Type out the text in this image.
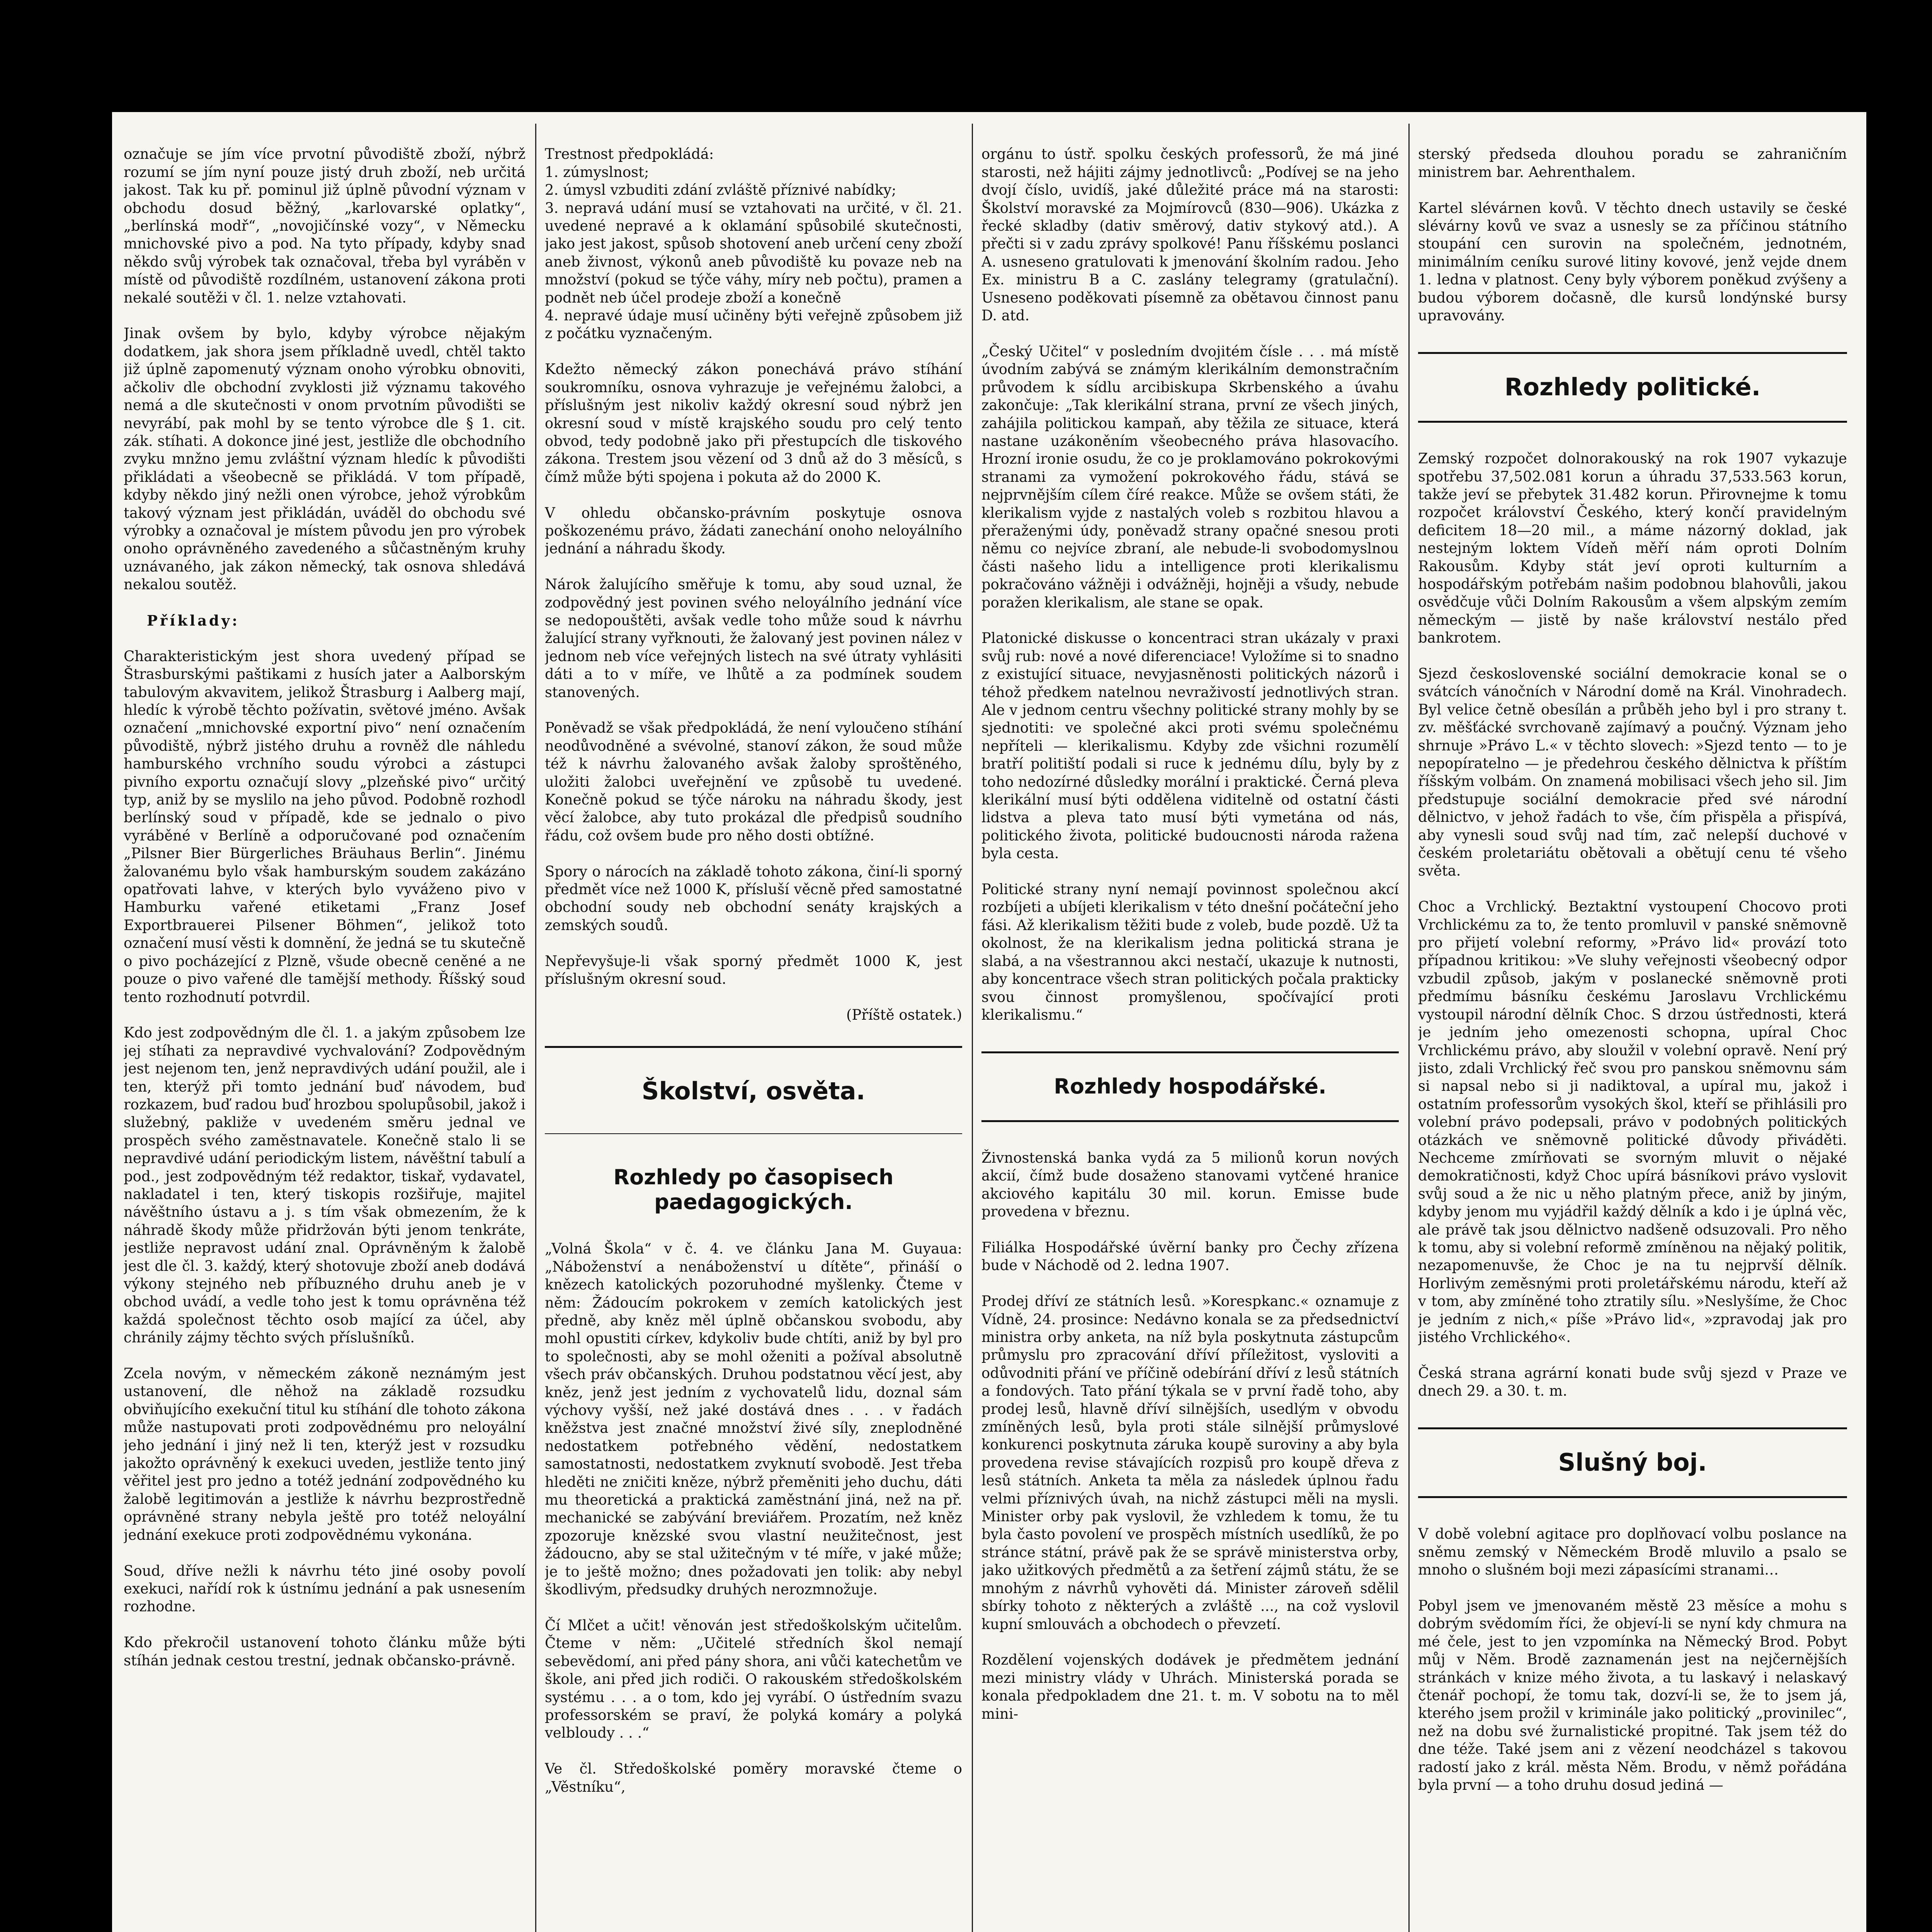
označuje se jím více prvotní původiště zboží, nýbrž rozumí se jím nyní pouze jistý druh zboží, neb určitá jakost. Tak ku př. pominul již úplně původní význam v obchodu dosud běžný, „karlovarské oplatky“, „berlínská modř“, „novojičínské vozy“, v Německu mnichovské pivo a pod. Na tyto případy, kdyby snad někdo svůj výrobek tak označoval, třeba byl vyráběn v místě od původiště rozdílném, ustanovení zákona proti nekalé soutěži v čl. 1. nelze vztahovati.

Jinak ovšem by bylo, kdyby výrobce nějakým dodatkem, jak shora jsem příkladně uvedl, chtěl takto již úplně zapomenutý význam onoho výrobku obnoviti, ačkoliv dle obchodní zvyklosti již významu takového nemá a dle skutečnosti v onom prvotním původišti se nevyrábí, pak mohl by se tento výrobce dle § 1. cit. zák. stíhati. A dokonce jiné jest, jestliže dle obchodního zvyku mnžno jemu zvláštní význam hledíc k původišti přikládati a všeobecně se přikládá. V tom případě, kdyby někdo jiný nežli onen výrobce, jehož výrobkům takový význam jest přikládán, uváděl do obchodu své výrobky a označoval je místem původu jen pro výrobek onoho oprávněného zavedeného a sůčastněným kruhy uznávaného, jak zákon německý, tak osnova shledává nekalou soutěž.

Příklady:

Charakteristickým jest shora uvedený případ se Štrasburskými paštikami z husích jater a Aalborským tabulovým akvavitem, jelikož Štrasburg i Aalberg mají, hledíc k výrobě těchto požívatin, světové jméno. Avšak označení „mnichovské exportní pivo“ není označením původiště, nýbrž jistého druhu a rovněž dle náhledu hamburského vrchního soudu výrobci a zástupci pivního exportu označují slovy „plzeňské pivo“ určitý typ, aniž by se myslilo na jeho původ. Podobně rozhodl berlínský soud v případě, kde se jednalo o pivo vyráběné v Berlíně a odporučované pod označením „Pilsner Bier Bürgerliches Bräuhaus Berlin“. Jinému žalovanému bylo však hamburským soudem zakázáno opatřovati lahve, v kterých bylo vyváženo pivo v Hamburku vařené etiketami „Franz Josef Exportbrauerei Pilsener Böhmen“, jelikož toto označení musí věsti k domnění, že jedná se tu skutečně o pivo pocházející z Plzně, všude obecně ceněné a ne pouze o pivo vařené dle tamější methody. Říšský soud tento rozhodnutí potvrdil.

Kdo jest zodpovědným dle čl. 1. a jakým způsobem lze jej stíhati za nepravdivé vychvalování? Zodpovědným jest nejenom ten, jenž nepravdivých udání použil, ale i ten, kterýž při tomto jednání buď návodem, buď rozkazem, buď radou buď hrozbou spolupůsobil, jakož i služebný, pakliže v uvedeném směru jednal ve prospěch svého zaměstnavatele. Konečně stalo li se nepravdivé udání periodickým listem, návěštní tabulí a pod., jest zodpovědným též redaktor, tiskař, vydavatel, nakladatel i ten, který tiskopis rozšiřuje, majitel návěštního ústavu a j. s tím však obmezením, že k náhradě škody může přidržován býti jenom tenkráte, jestliže nepravost udání znal. Oprávněným k žalobě jest dle čl. 3. každý, který shotovuje zboží aneb dodává výkony stejného neb příbuzného druhu aneb je v obchod uvádí, a vedle toho jest k tomu oprávněna též každá společnost těchto osob mající za účel, aby chránily zájmy těchto svých příslušníků.

Zcela novým, v německém zákoně neznámým jest ustanovení, dle něhož na základě rozsudku obviňujícího exekuční titul ku stíhání dle tohoto zákona může nastupovati proti zodpovědnému pro neloyální jeho jednání i jiný než li ten, kterýž jest v rozsudku jakožto oprávněný k exekuci uveden, jestliže tento jiný věřitel jest pro jedno a totéž jednání zodpovědného ku žalobě legitimován a jestliže k návrhu bezprostředně oprávněné strany nebyla ještě pro totéž neloyální jednání exekuce proti zodpovědnému vykonána.

Soud, dříve nežli k návrhu této jiné osoby povolí exekuci, nařídí rok k ústnímu jednání a pak usnesením rozhodne.

Kdo překročil ustanovení tohoto článku může býti stíhán jednak cestou trestní, jednak občansko-právně.

Trestnost předpokládá:
1. zúmyslnost;
2. úmysl vzbuditi zdání zvláště příznivé nabídky;
3. nepravá udání musí se vztahovati na určité, v čl. 21. uvedené nepravé a k oklamání spůsobilé skutečnosti, jako jest jakost, spůsob shotovení aneb určení ceny zboží aneb živnost, výkonů aneb původiště ku povaze neb na množství (pokud se týče váhy, míry neb počtu), pramen a podnět neb účel prodeje zboží a konečně
4. nepravé údaje musí učiněny býti veřejně způsobem již z počátku vyznačeným.

Kdežto německý zákon ponechává právo stíhání soukromníku, osnova vyhrazuje je veřejnému žalobci, a příslušným jest nikoliv každý okresní soud nýbrž jen okresní soud v místě krajského soudu pro celý tento obvod, tedy podobně jako při přestupcích dle tiskového zákona. Trestem jsou vězení od 3 dnů až do 3 měsíců, s čímž může býti spojena i pokuta až do 2000 K.

V ohledu občansko-právním poskytuje osnova poškozenému právo, žádati zanechání onoho neloyálního jednání a náhradu škody.

Nárok žalujícího směřuje k tomu, aby soud uznal, že zodpovědný jest povinen svého neloyálního jednání více se nedopouštěti, avšak vedle toho může soud k návrhu žalující strany vyřknouti, že žalovaný jest povinen nález v jednom neb více veřejných listech na své útraty vyhlásiti dáti a to v míře, ve lhůtě a za podmínek soudem stanovených.

Poněvadž se však předpokládá, že není vyloučeno stíhání neodůvodněné a svévolné, stanoví zákon, že soud může též k návrhu žalovaného avšak žaloby sproštěného, uložiti žalobci uveřejnění ve způsobě tu uvedené. Konečně pokud se týče nároku na náhradu škody, jest věcí žalobce, aby tuto prokázal dle předpisů soudního řádu, což ovšem bude pro něho dosti obtížné.

Spory o nárocích na základě tohoto zákona, činí-li sporný předmět více než 1000 K, přísluší věcně před samostatné obchodní soudy neb obchodní senáty krajských a zemských soudů.

Nepřevyšuje-li však sporný předmět 1000 K, jest příslušným okresní soud.

(Příště ostatek.)

Školství, osvěta.

Rozhledy po časopisech paedagogických.

„Volná Škola“ v č. 4. ve článku Jana M. Guyaua: „Náboženství a nenáboženství u dítěte“, přináší o knězech katolických pozoruhodné myšlenky. Čteme v něm: Žádoucím pokrokem v zemích katolických jest předně, aby kněz měl úplně občanskou svobodu, aby mohl opustiti církev, kdykoliv bude chtíti, aniž by byl pro to společnosti, aby se mohl oženiti a požíval absolutně všech práv občanských. Druhou podstatnou věcí jest, aby kněz, jenž jest jedním z vychovatelů lidu, doznal sám výchovy vyšší, než jaké dostává dnes . . . v řadách kněžstva jest značné množství živé síly, zneplodněné nedostatkem potřebného vědění, nedostatkem samostatnosti, nedostatkem zvyknutí svobodě. Jest třeba hleděti ne zničiti kněze, nýbrž přeměniti jeho duchu, dáti mu theoretická a praktická zaměstnání jiná, než na př. mechanické se zabývání breviářem. Prozatím, než kněz zpozoruje knězské svou vlastní neužitečnost, jest žádoucno, aby se stal užitečným v té míře, v jaké může; je to ještě možno; dnes požadovati jen tolik: aby nebyl škodlivým, předsudky druhých nerozmnožuje.

Čí Mlčet a učit! věnován jest středoškolským učitelům. Čteme v něm: „Učitelé středních škol nemají sebevědomí, ani před pány shora, ani vůči katechetům ve škole, ani před jich rodiči. O rakouském středoškolském systému . . . a o tom, kdo jej vyrábí. O ústředním svazu professorském se praví, že polyká komáry a polyká velbloudy . . .“

Ve čl. Středoškolské poměry moravské čteme o „Věstníku“,

orgánu to ústř. spolku českých professorů, že má jiné starosti, než hájiti zájmy jednotlivců: „Podívej se na jeho dvojí číslo, uvidíš, jaké důležité práce má na starosti: Školství moravské za Mojmírovců (830—906). Ukázka z řecké skladby (dativ směrový, dativ stykový atd.). A přečti si v zadu zprávy spolkové! Panu říšskému poslanci A. usneseno gratulovati k jmenování školním radou. Jeho Ex. ministru B a C. zaslány telegramy (gratulační). Usneseno poděkovati písemně za obětavou činnost panu D. atd.

„Český Učitel“ v posledním dvojitém čísle . . . má místě úvodním zabývá se známým klerikálním demonstračním průvodem k sídlu arcibiskupa Skrbenského a úvahu zakončuje: „Tak klerikální strana, první ze všech jiných, zahájila politickou kampaň, aby těžila ze situace, která nastane uzákoněním všeobecného práva hlasovacího. Hrozní ironie osudu, že co je proklamováno pokrokovými stranami za vymožení pokrokového řádu, stává se nejprvnějším cílem číré reakce. Může se ovšem státi, že klerikalism vyjde z nastalých voleb s rozbitou hlavou a přeraženými údy, poněvadž strany opačné snesou proti němu co nejvíce zbraní, ale nebude-li svobodomyslnou části našeho lidu a intelligence proti klerikalismu pokračováno vážněji i odvážněji, hojněji a všudy, nebude poražen klerikalism, ale stane se opak.

Platonické diskusse o koncentraci stran ukázaly v praxi svůj rub: nové a nové diferenciace! Vyložíme si to snadno z existující situace, nevyjasněnosti politických názorů i téhož předkem natelnou nevraživostí jednotlivých stran. Ale v jednom centru všechny politické strany mohly by se sjednotiti: ve společné akci proti svému společnému nepříteli — klerikalismu. Kdyby zde všichni rozumělí bratří politiští podali si ruce k jednému dílu, byly by z toho nedozírné důsledky morální i praktické. Černá pleva klerikální musí býti oddělena viditelně od ostatní části lidstva a pleva tato musí býti vymetána od nás, politického života, politické budoucnosti národa ražena byla cesta.

Politické strany nyní nemají povinnost společnou akcí rozbíjeti a ubíjeti klerikalism v této dnešní počáteční jeho fási. Až klerikalism těžiti bude z voleb, bude pozdě. Už ta okolnost, že na klerikalism jedna politická strana je slabá, a na všestrannou akci nestačí, ukazuje k nutnosti, aby koncentrace všech stran politických počala prakticky svou činnost promyšlenou, spočívající proti klerikalismu.“

Rozhledy hospodářské.

Živnostenská banka vydá za 5 milionů korun nových akcií, čímž bude dosaženo stanovami vytčené hranice akciového kapitálu 30 mil. korun. Emisse bude provedena v březnu.

Filiálka Hospodářské úvěrní banky pro Čechy zřízena bude v Náchodě od 2. ledna 1907.

Prodej dříví ze státních lesů. »Korespkanc.« oznamuje z Vídně, 24. prosince: Nedávno konala se za předsednictví ministra orby anketa, na níž byla poskytnuta zástupcům průmyslu pro zpracování dříví příležitost, vysloviti a odůvodniti přání ve příčině odebírání dříví z lesů státních a fondových. Tato přání týkala se v první řadě toho, aby prodej lesů, hlavně dříví silnějších, usedlým v obvodu zmíněných lesů, byla proti stále silnější průmyslové konkurenci poskytnuta záruka koupě suroviny a aby byla provedena revise stávajících rozpisů pro koupě dřeva z lesů státních. Anketa ta měla za následek úplnou řadu velmi příznivých úvah, na nichž zástupci měli na mysli. Minister orby pak vyslovil, že vzhledem k tomu, že tu byla často povolení ve prospěch místních usedlíků, že po stránce státní, právě pak že se správě ministerstva orby, jako užitkových předmětů a za šetření zájmů státu, že se mnohým z návrhů vyhověti dá. Minister zároveň sdělil sbírky tohoto z některých a zvláště ..., na což vyslovil kupní smlouvách a obchodech o převzetí.

Rozdělení vojenských dodávek je předmětem jednání mezi ministry vlády v Uhrách. Ministerská porada se konala předpokladem dne 21. t. m. V sobotu na to měl mini-

sterský předseda dlouhou poradu se zahraničním ministrem bar. Aehrenthalem.

Kartel slévárnen kovů. V těchto dnech ustavily se české slévárny kovů ve svaz a usnesly se za příčinou státního stoupání cen surovin na společném, jednotném, minimálním ceníku surové litiny kovové, jenž vejde dnem 1. ledna v platnost. Ceny byly výborem poněkud zvýšeny a budou výborem dočasně, dle kursů londýnské bursy upravovány.

Rozhledy politické.

Zemský rozpočet dolnorakouský na rok 1907 vykazuje spotřebu 37,502.081 korun a úhradu 37,533.563 korun, takže jeví se přebytek 31.482 korun. Přirovnejme k tomu rozpočet království Českého, který končí pravidelným deficitem 18—20 mil., a máme názorný doklad, jak nestejným loktem Vídeň měří nám oproti Dolním Rakousům. Kdyby stát jeví oproti kulturním a hospodářským potřebám našim podobnou blahovůli, jakou osvědčuje vůči Dolním Rakousům a všem alpským zemím německým — jistě by naše království nestálo před bankrotem.

Sjezd československé sociální demokracie konal se o svátcích vánočních v Národní domě na Král. Vinohradech. Byl velice četně obesílán a průběh jeho byl i pro strany t. zv. měšťácké svrchovaně zajímavý a poučný. Význam jeho shrnuje »Právo L.« v těchto slovech: »Sjezd tento — to je nepopíratelno — je předehrou českého dělnictva k příštím říšským volbám. On znamená mobilisaci všech jeho sil. Jim předstupuje sociální demokracie před své národní dělnictvo, v jehož řadách to vše, čím přispěla a přispívá, aby vynesli soud svůj nad tím, zač nelepší duchové v českém proletariátu obětovali a obětují cenu té všeho světa.

Choc a Vrchlický. Beztaktní vystoupení Chocovo proti Vrchlickému za to, že tento promluvil v panské sněmovně pro přijetí volební reformy, »Právo lid« provází toto případnou kritikou: »Ve sluhy veřejnosti všeobecný odpor vzbudil způsob, jakým v poslanecké sněmovně proti předmímu básníku českému Jaroslavu Vrchlickému vystoupil národní dělník Choc. S drzou ústřednosti, která je jedním jeho omezenosti schopna, upíral Choc Vrchlickému právo, aby sloužil v volební opravě. Není prý jisto, zdali Vrchlický řeč svou pro panskou sněmovnu sám si napsal nebo si ji nadiktoval, a upíral mu, jakož i ostatním professorům vysokých škol, kteří se přihlásili pro volební právo podepsali, právo v podobných politických otázkách ve sněmovně politické důvody přiváděti. Nechceme zmírňovati se svorným mluvit o nějaké demokratičnosti, když Choc upírá básníkovi právo vyslovit svůj soud a že nic u něho platným přece, aniž by jiným, kdyby jenom mu vyjádřil každý dělník a kdo i je úplná věc, ale právě tak jsou dělnictvo nadšeně odsuzovali. Pro něho k tomu, aby si volební reformě zmíněnou na nějaký politik, nezapomenuvše, že Choc je na tu nejprvší dělník. Horlivým zeměsnými proti proletářskému národu, kteří až v tom, aby zmíněné toho ztratily sílu. »Neslyšíme, že Choc je jedním z nich,« píše »Právo lid«, »zpravodaj jak pro jistého Vrchlického«.

Česká strana agrární konati bude svůj sjezd v Praze ve dnech 29. a 30. t. m.

Slušný boj.

V době volební agitace pro doplňovací volbu poslance na sněmu zemský v Německém Brodě mluvilo a psalo se mnoho o slušném boji mezi zápasícími stranami…

Pobyl jsem ve jmenovaném městě 23 měsíce a mohu s dobrým svědomím říci, že objeví-li se nyní kdy chmura na mé čele, jest to jen vzpomínka na Německý Brod. Pobyt můj v Něm. Brodě zaznamenán jest na nejčernějších stránkách v knize mého života, a tu laskavý i nelaskavý čtenář pochopí, že tomu tak, dozví-li se, že to jsem já, kterého jsem prožil v kriminále jako politický „provinilec“, než na dobu své žurnalistické propitné. Tak jsem též do dne téže. Také jsem ani z vězení neodcházel s takovou radostí jako z král. města Něm. Brodu, v němž pořádána byla první — a toho druhu dosud jediná —
